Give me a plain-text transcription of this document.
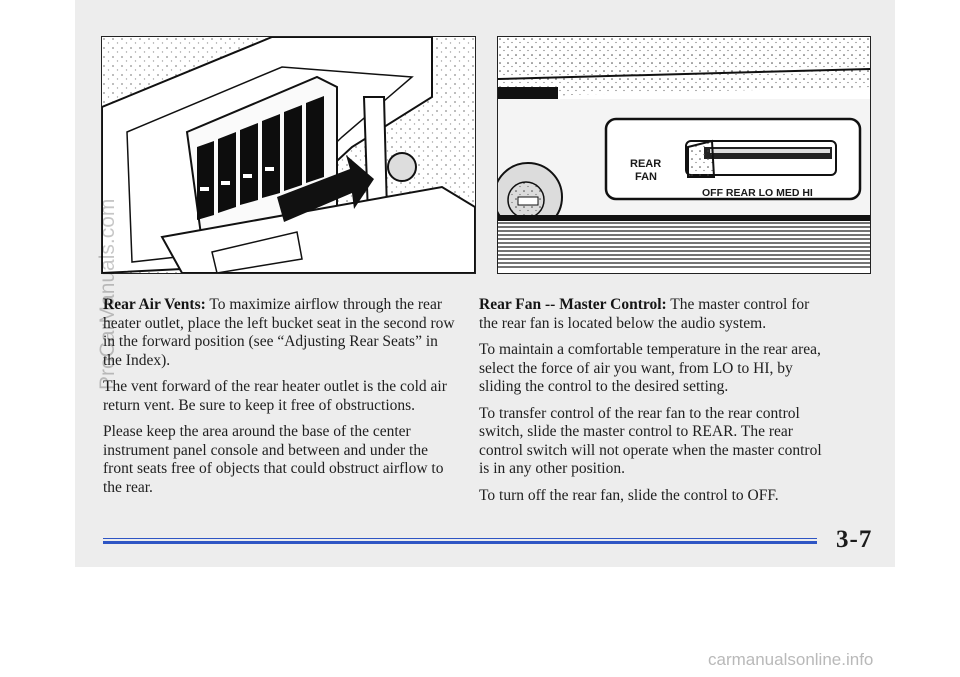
REAR
FAN
OFF REAR LO MED HI

Rear Air Vents: To maximize airflow through the rear
heater outlet, place the left bucket seat in the second row
in the forward position (see “Adjusting Rear Seats” in
the Index).

The vent forward of the rear heater outlet is the cold air
return vent. Be sure to keep it free of obstructions.

Please keep the area around the base of the center
instrument panel console and between and under the
front seats free of objects that could obstruct airflow to
the rear.

Rear Fan -- Master Control: The master control for
the rear fan is located below the audio system.

To maintain a comfortable temperature in the rear area,
select the force of air you want, from LO to HI, by
sliding the control to the desired setting.

To transfer control of the rear fan to the rear control
switch, slide the master control to REAR. The rear
control switch will not operate when the master control
is in any other position.

To turn off the rear fan, slide the control to OFF.

3-7
ProCarManuals.com
carmanualsonline.info
